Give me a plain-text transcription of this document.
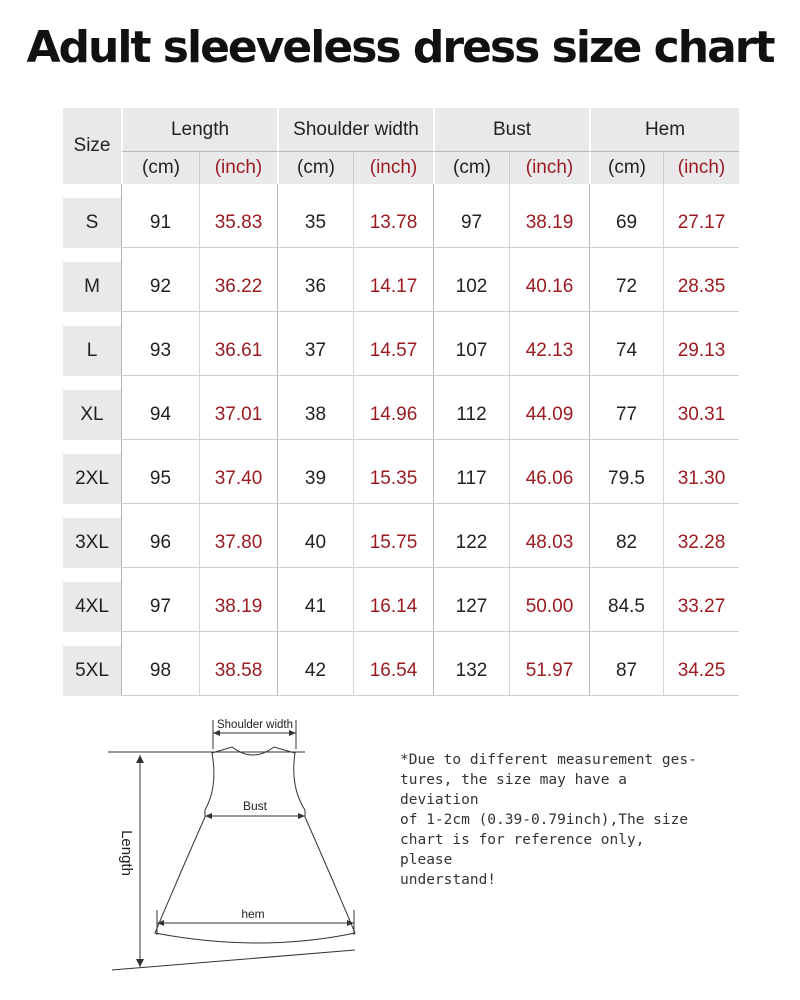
Adult sleeveless dress size chart
Size	Length		Shoulder width		Bust		Hem	
	(cm)	(inch)	(cm)	(inch)	(cm)	(inch)	(cm)	(inch)

S	91	35.83	35	13.78	97	38.19	69	27.17

M	92	36.22	36	14.17	102	40.16	72	28.35

L	93	36.61	37	14.57	107	42.13	74	29.13

XL	94	37.01	38	14.96	112	44.09	77	30.31

2XL	95	37.40	39	15.35	117	46.06	79.5	31.30

3XL	96	37.80	40	15.75	122	48.03	82	32.28

4XL	97	38.19	41	16.14	127	50.00	84.5	33.27

5XL	98	38.58	42	16.54	132	51.97	87	34.25
Shoulder width
Bust
hem
Length
*Due to different measurement ges-
tures, the size may have a deviation
of 1-2cm (0.39-0.79inch),The size
chart is for reference only, please
understand!
